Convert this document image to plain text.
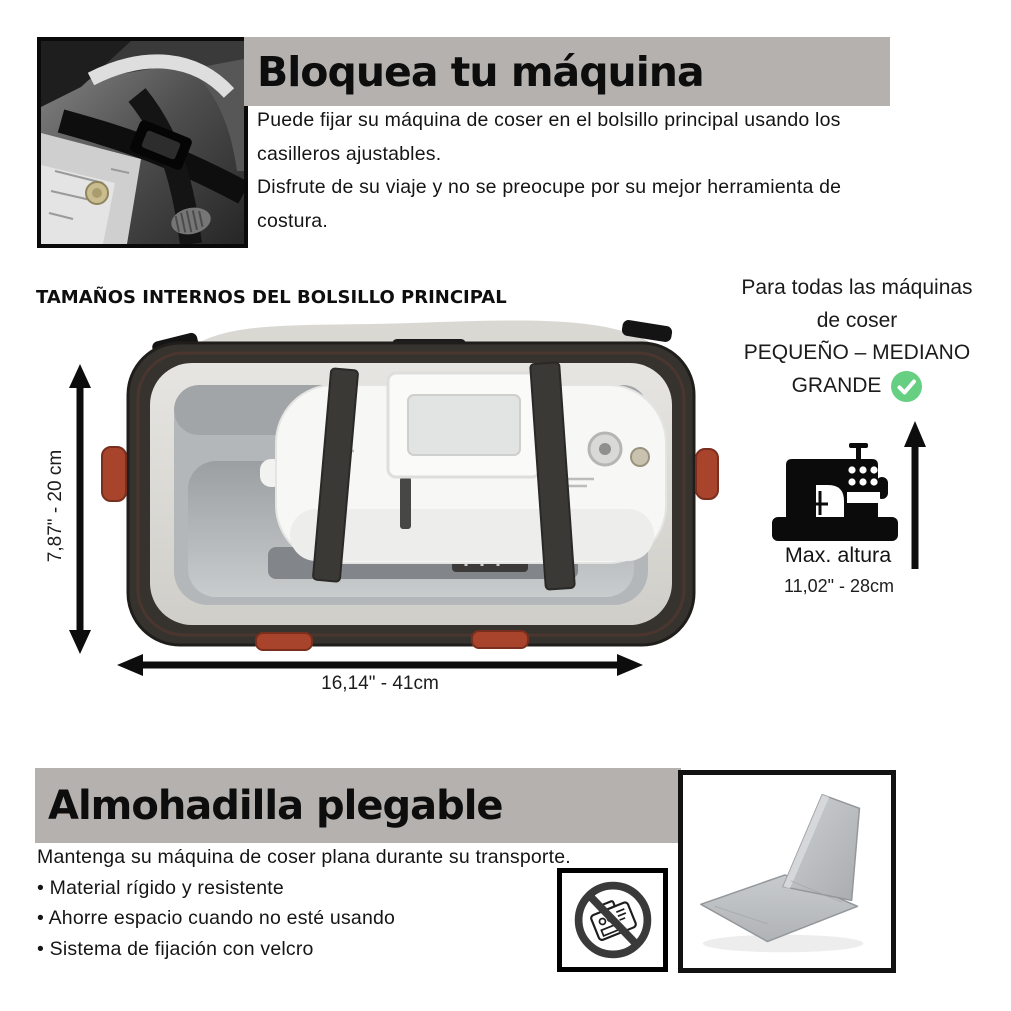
Bloquea tu máquina
Puede fijar su máquina de coser en el bolsillo principal usando los
casilleros ajustables.
Disfrute de su viaje y no se preocupe por su mejor herramienta de
costura.
TAMAÑOS INTERNOS DEL BOLSILLO PRINCIPAL
7,87" - 20 cm
16,14" - 41cm
Para todas las máquinas
de coser
PEQUEÑO – MEDIANO
GRANDE
Max. altura
11,02" - 28cm
Almohadilla plegable
Mantenga su máquina de coser plana durante su transporte.
• Material rígido y resistente
• Ahorre espacio cuando no esté usando
• Sistema de fijación con velcro
